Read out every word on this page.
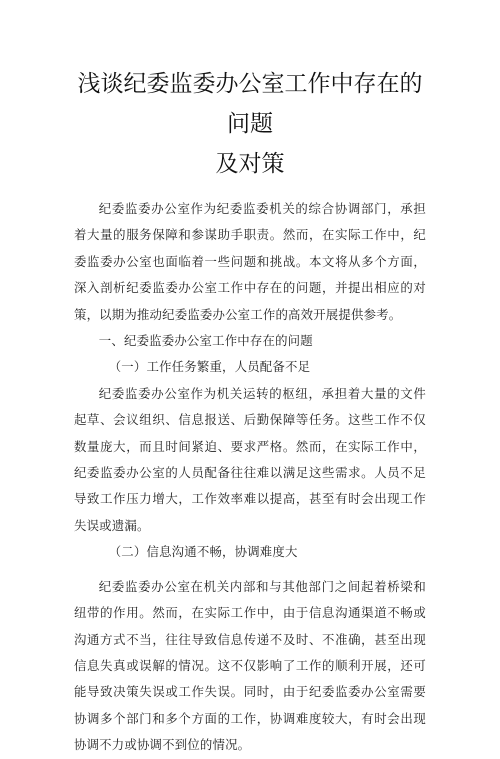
浅谈纪委监委办公室工作中存在的问题
及对策

纪委监委办公室作为纪委监委机关的综合协调部门，承担着大量的服务保障和参谋助手职责。然而，在实际工作中，纪委监委办公室也面临着一些问题和挑战。本文将从多个方面，深入剖析纪委监委办公室工作中存在的问题，并提出相应的对策，以期为推动纪委监委办公室工作的高效开展提供参考。

一、纪委监委办公室工作中存在的问题

（一）工作任务繁重，人员配备不足

纪委监委办公室作为机关运转的枢纽，承担着大量的文件起草、会议组织、信息报送、后勤保障等任务。这些工作不仅数量庞大，而且时间紧迫、要求严格。然而，在实际工作中，纪委监委办公室的人员配备往往难以满足这些需求。人员不足导致工作压力增大，工作效率难以提高，甚至有时会出现工作失误或遗漏。

（二）信息沟通不畅，协调难度大

纪委监委办公室在机关内部和与其他部门之间起着桥梁和纽带的作用。然而，在实际工作中，由于信息沟通渠道不畅或沟通方式不当，往往导致信息传递不及时、不准确，甚至出现信息失真或误解的情况。这不仅影响了工作的顺利开展，还可能导致决策失误或工作失误。同时，由于纪委监委办公室需要协调多个部门和多个方面的工作，协调难度较大，有时会出现协调不力或协调不到位的情况。
